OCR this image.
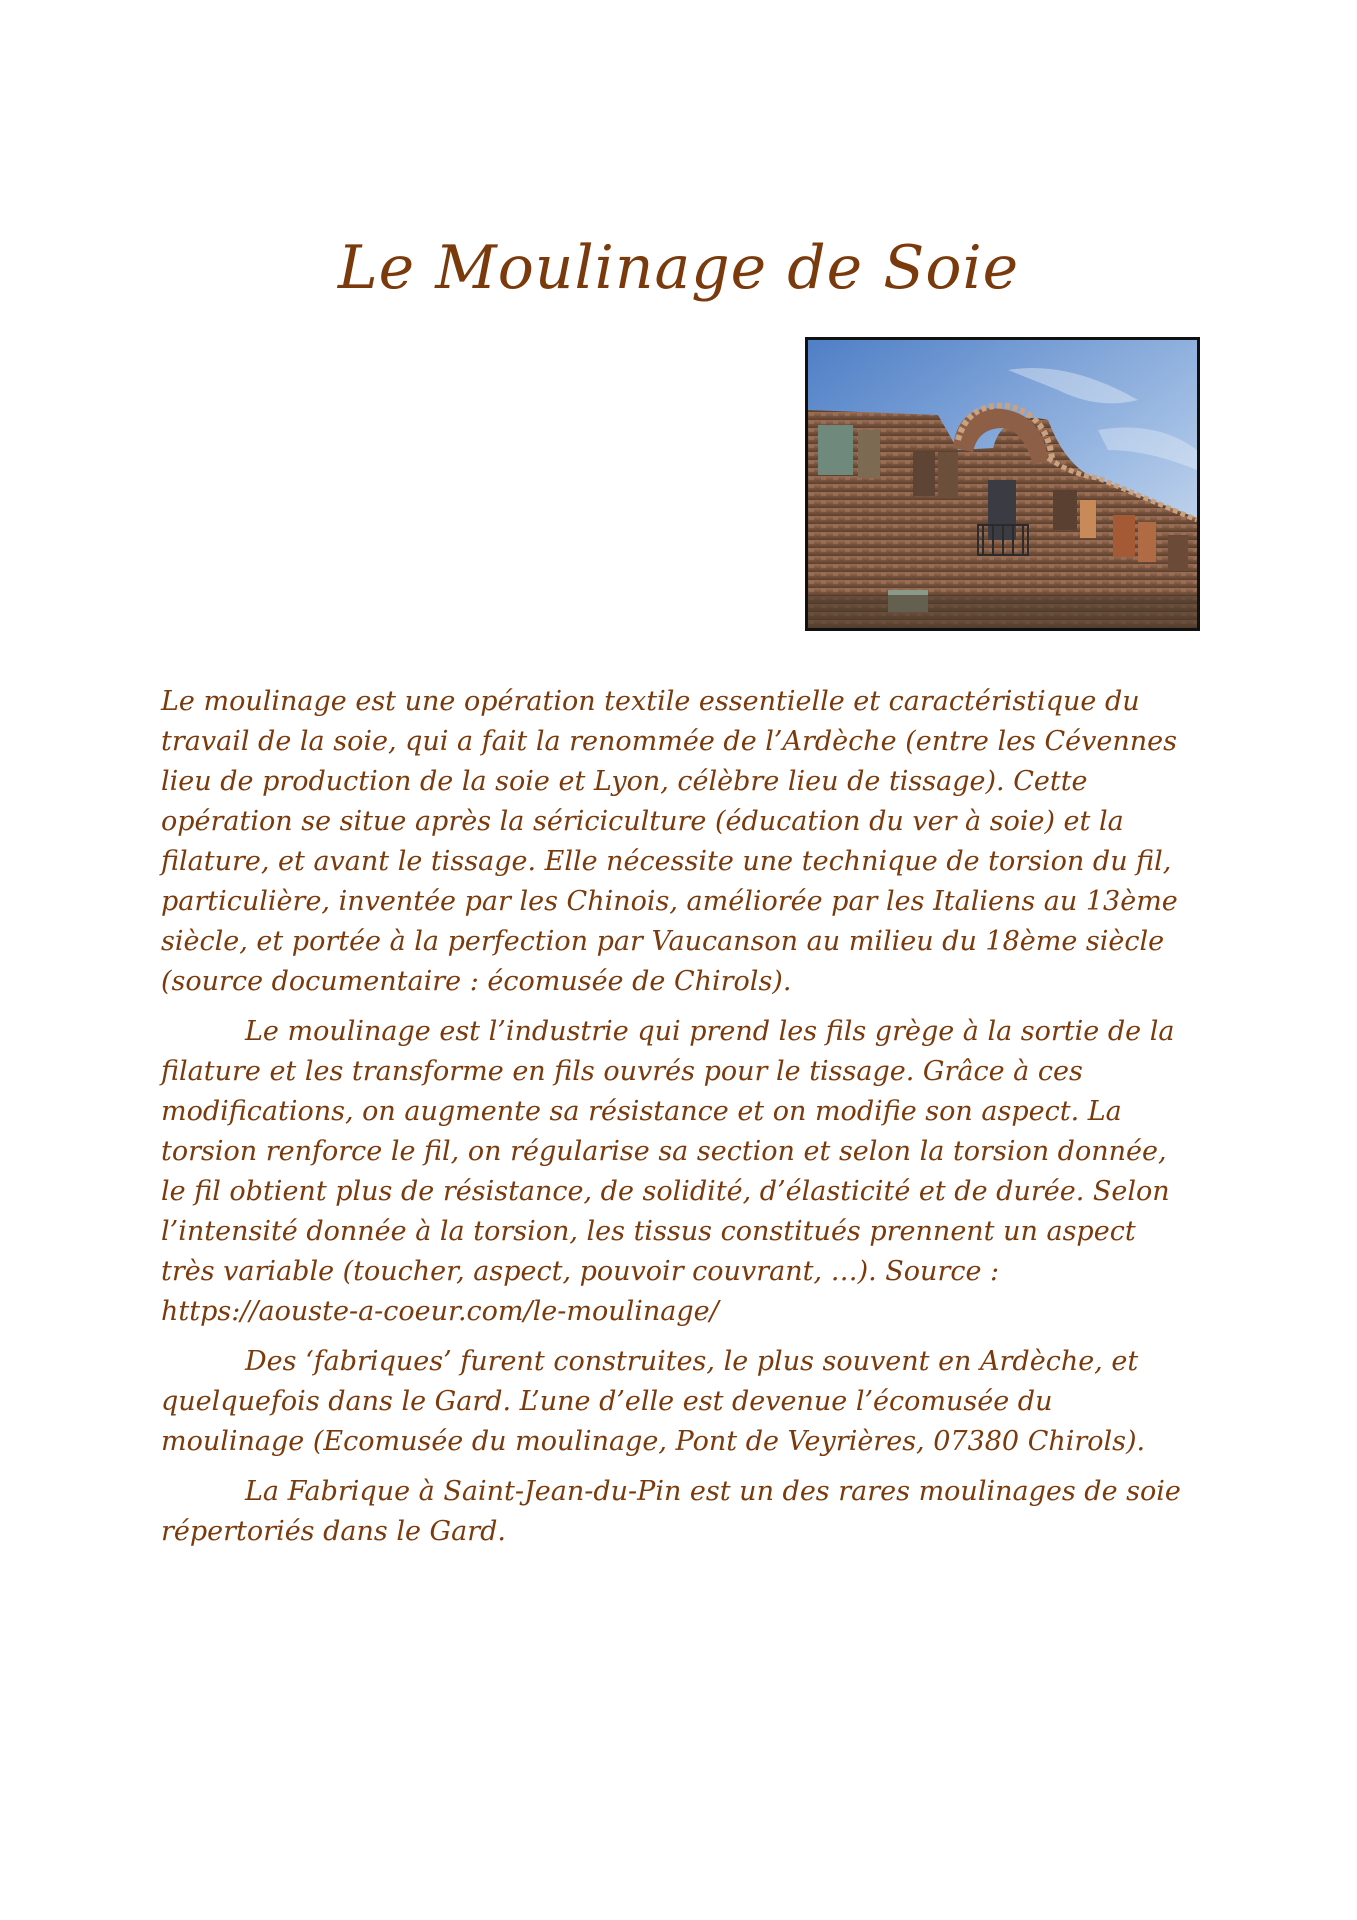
Le Moulinage de Soie

Le moulinage est une opération textile essentielle et caractéristique du travail de la soie, qui a fait la renommée de l’Ardèche (entre les Cévennes lieu de production de la soie et Lyon, célèbre lieu de tissage). Cette opération se situe après la sériciculture (éducation du ver à soie) et la filature, et avant le tissage. Elle nécessite une technique de torsion du fil, particulière, inventée par les Chinois, améliorée par les Italiens au 13ème siècle, et portée à la perfection par Vaucanson au milieu du 18ème siècle (source documentaire : écomusée de Chirols).

Le moulinage est l’industrie qui prend les fils grège à la sortie de la filature et les transforme en fils ouvrés pour le tissage. Grâce à ces modifications, on augmente sa résistance et on modifie son aspect. La torsion renforce le fil, on régularise sa section et selon la torsion donnée, le fil obtient plus de résistance, de solidité, d’élasticité et de durée. Selon l’intensité donnée à la torsion, les tissus constitués prennent un aspect très variable (toucher, aspect, pouvoir couvrant, …). Source : https://aouste-a-coeur.com/le-moulinage/

Des ‘fabriques’ furent construites, le plus souvent en Ardèche, et quelquefois dans le Gard. L’une d’elle est devenue l’écomusée du moulinage (Ecomusée du moulinage, Pont de Veyrières, 07380 Chirols).

La Fabrique à Saint-Jean-du-Pin est un des rares moulinages de soie répertoriés dans le Gard.
